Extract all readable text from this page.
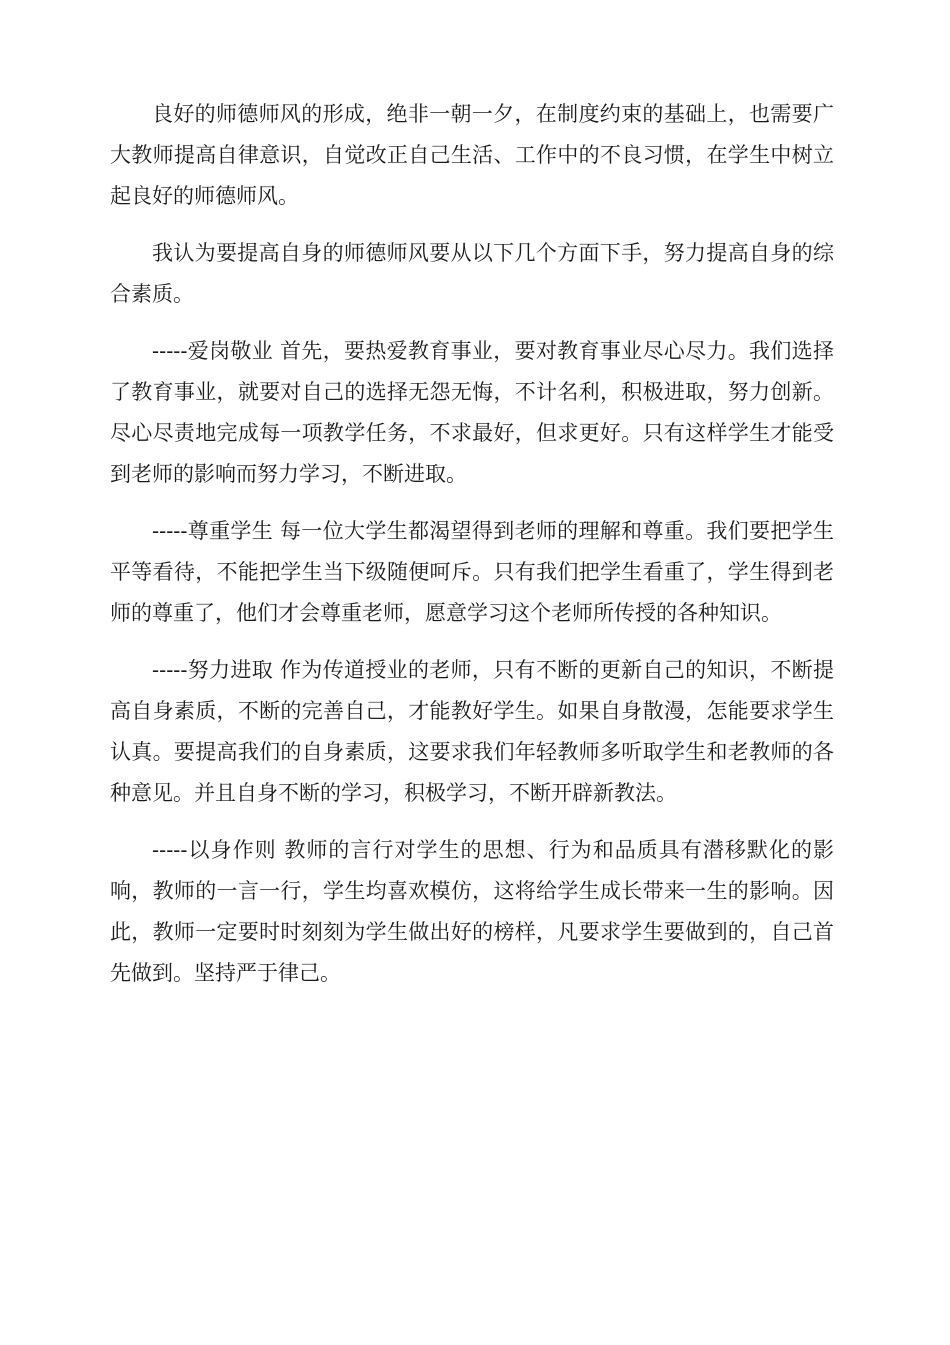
良好的师德师风的形成，绝非一朝一夕，在制度约束的基础上，也需要广大教师提高自律意识，自觉改正自己生活、工作中的不良习惯，在学生中树立起良好的师德师风。

我认为要提高自身的师德师风要从以下几个方面下手，努力提高自身的综合素质。

-----爱岗敬业 首先，要热爱教育事业，要对教育事业尽心尽力。我们选择了教育事业，就要对自己的选择无怨无悔，不计名利，积极进取，努力创新。尽心尽责地完成每一项教学任务，不求最好，但求更好。只有这样学生才能受到老师的影响而努力学习，不断进取。

-----尊重学生 每一位大学生都渴望得到老师的理解和尊重。我们要把学生平等看待，不能把学生当下级随便呵斥。只有我们把学生看重了，学生得到老师的尊重了，他们才会尊重老师，愿意学习这个老师所传授的各种知识。

-----努力进取 作为传道授业的老师，只有不断的更新自己的知识，不断提高自身素质，不断的完善自己，才能教好学生。如果自身散漫，怎能要求学生认真。要提高我们的自身素质，这要求我们年轻教师多听取学生和老教师的各种意见。并且自身不断的学习，积极学习，不断开辟新教法。

-----以身作则 教师的言行对学生的思想、行为和品质具有潜移默化的影响，教师的一言一行，学生均喜欢模仿，这将给学生成长带来一生的影响。因此，教师一定要时时刻刻为学生做出好的榜样，凡要求学生要做到的，自己首先做到。坚持严于律己。
